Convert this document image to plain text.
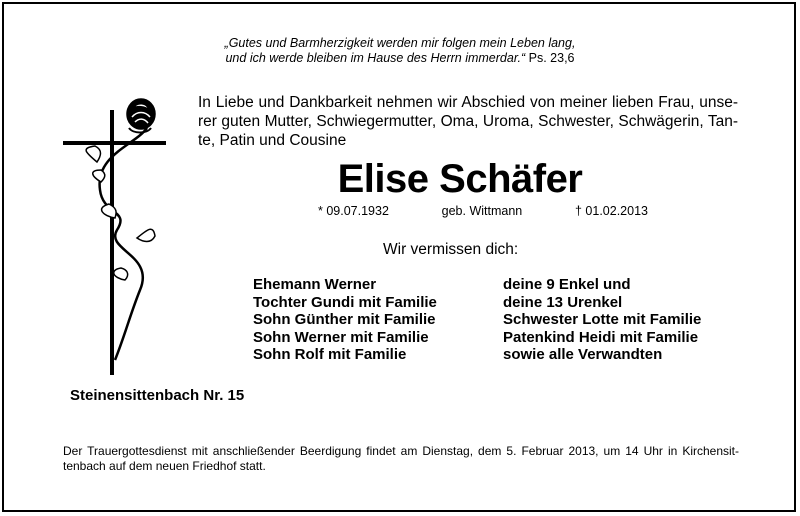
„Gutes und Barmherzigkeit werden mir folgen mein Leben lang,
und ich werde bleiben im Hause des Herrn immerdar.“ Ps. 23,6
In Liebe und Dankbarkeit nehmen wir Abschied von meiner lieben Frau, unse-
rer guten Mutter, Schwiegermutter, Oma, Uroma, Schwester, Schwägerin, Tan-
te, Patin und Cousine
Elise Schäfer
* 09.07.1932	geb. Wittmann	† 01.02.2013
Wir vermissen dich:
Ehemann Werner
Tochter Gundi mit Familie
Sohn Günther mit Familie
Sohn Werner mit Familie
Sohn Rolf mit Familie
deine 9 Enkel und
deine 13 Urenkel
Schwester Lotte mit Familie
Patenkind Heidi mit Familie
sowie alle Verwandten
Steinensittenbach Nr. 15
Der Trauergottesdienst mit anschließender Beerdigung findet am Dienstag, dem 5. Februar 2013, um 14 Uhr in Kirchensit-
tenbach auf dem neuen Friedhof statt.
